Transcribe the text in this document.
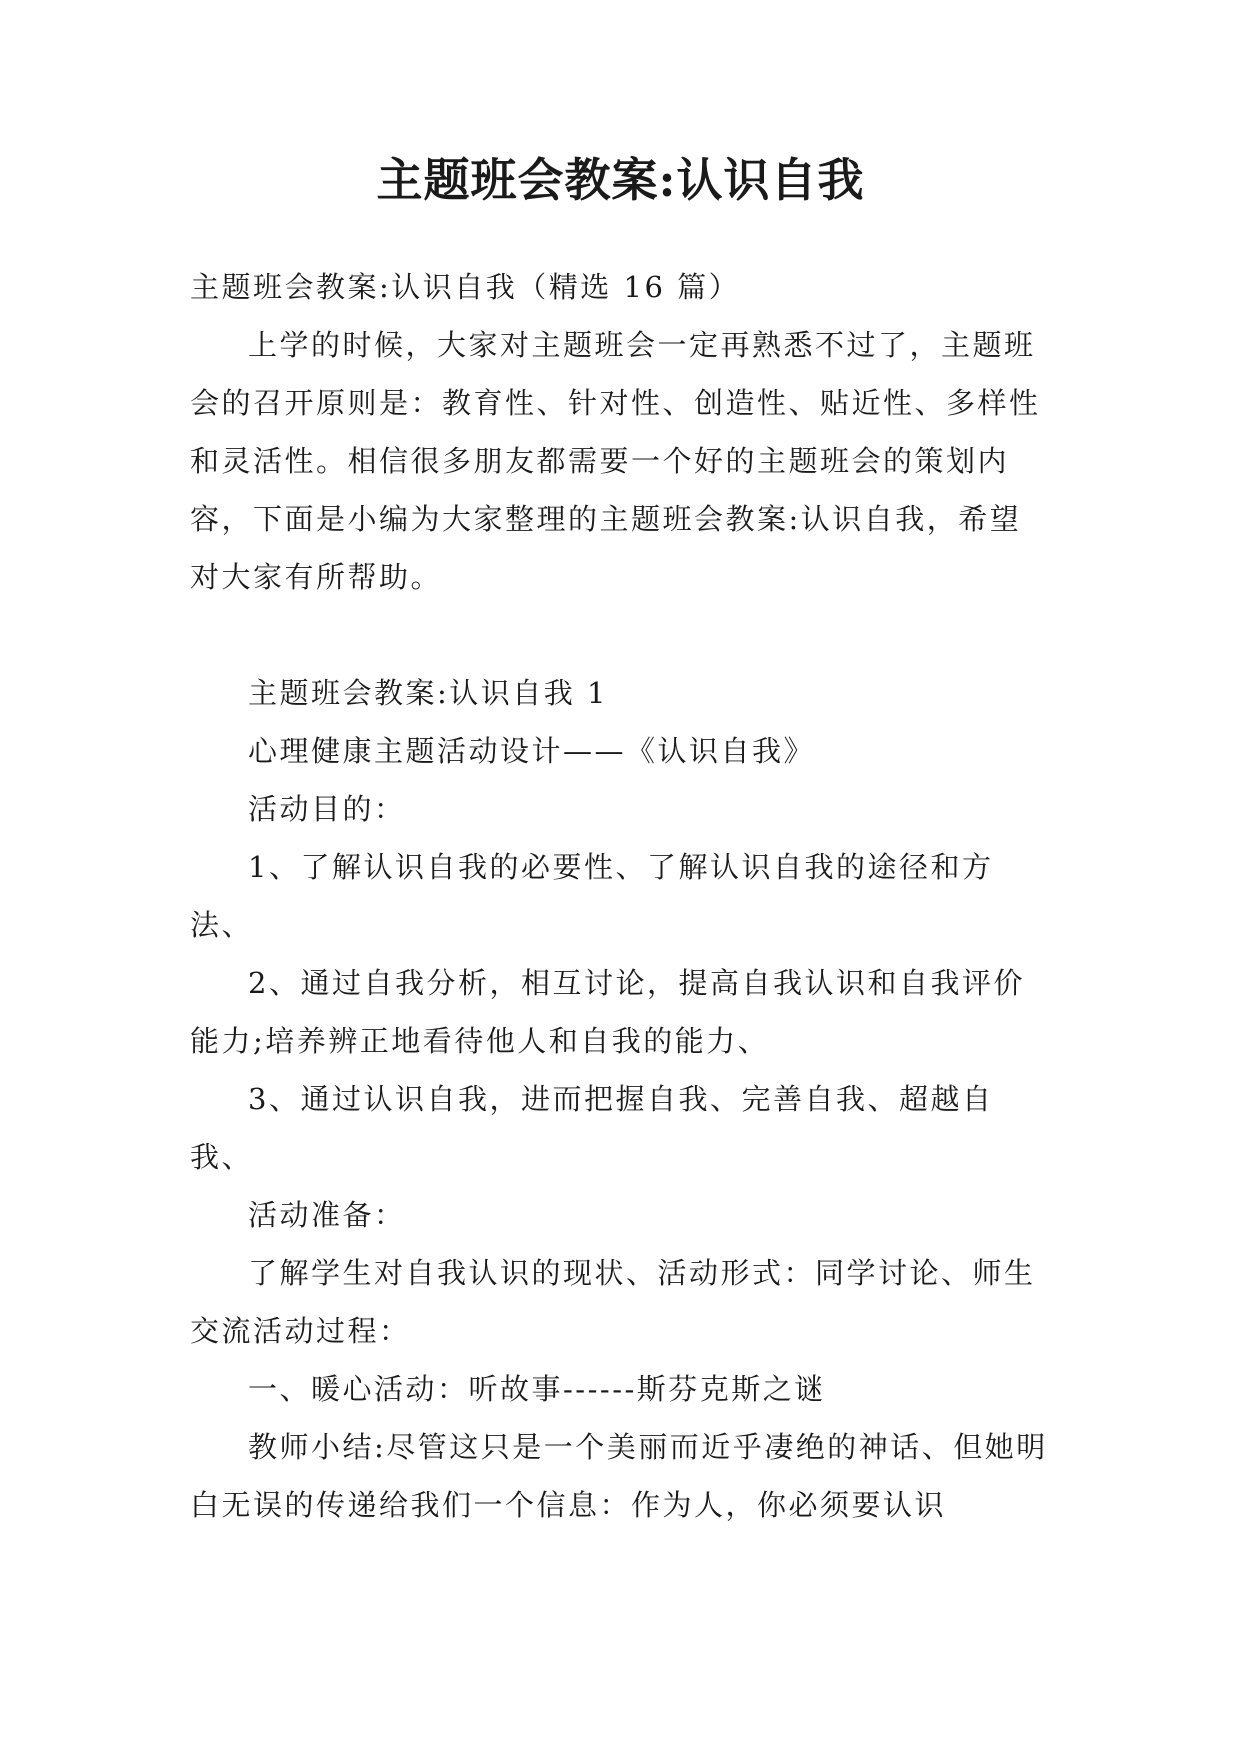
主题班会教案:认识自我

主题班会教案:认识自我（精选 16 篇）

上学的时候，大家对主题班会一定再熟悉不过了，主题班会的召开原则是：教育性、针对性、创造性、贴近性、多样性和灵活性。相信很多朋友都需要一个好的主题班会的策划内容，下面是小编为大家整理的主题班会教案:认识自我，希望对大家有所帮助。

主题班会教案:认识自我 1

心理健康主题活动设计——《认识自我》

活动目的：

1、了解认识自我的必要性、了解认识自我的途径和方法、

2、通过自我分析，相互讨论，提高自我认识和自我评价能力;培养辨正地看待他人和自我的能力、

3、通过认识自我，进而把握自我、完善自我、超越自我、

活动准备：

了解学生对自我认识的现状、活动形式：同学讨论、师生交流活动过程：

一、暖心活动：听故事------斯芬克斯之谜

教师小结:尽管这只是一个美丽而近乎凄绝的神话、但她明白无误的传递给我们一个信息：作为人，你必须要认识
